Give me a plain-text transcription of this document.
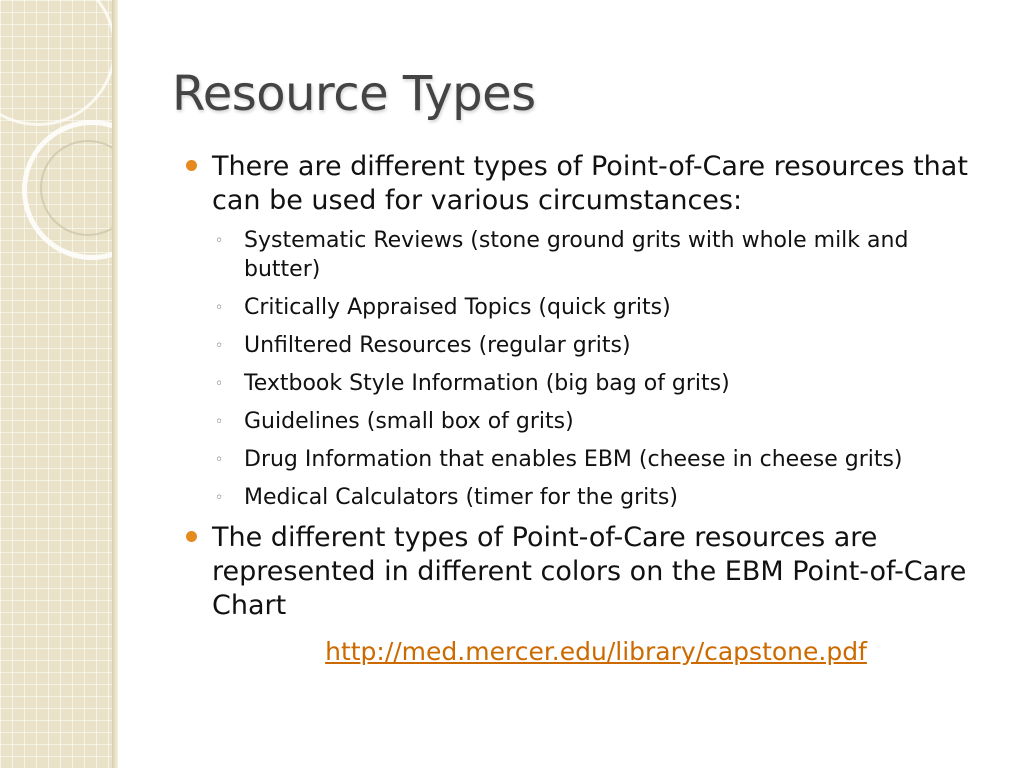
Resource Types
There are different types of Point-of-Care resources that can be used for various circumstances:
◦ Systematic Reviews (stone ground grits with whole milk and butter)
◦ Critically Appraised Topics (quick grits)
◦ Unfiltered Resources (regular grits)
◦ Textbook Style Information (big bag of grits)
◦ Guidelines (small box of grits)
◦ Drug Information that enables EBM (cheese in cheese grits)
◦ Medical Calculators (timer for the grits)
The different types of Point-of-Care resources are represented in different colors on the EBM Point-of-Care Chart
http://med.mercer.edu/library/capstone.pdf
